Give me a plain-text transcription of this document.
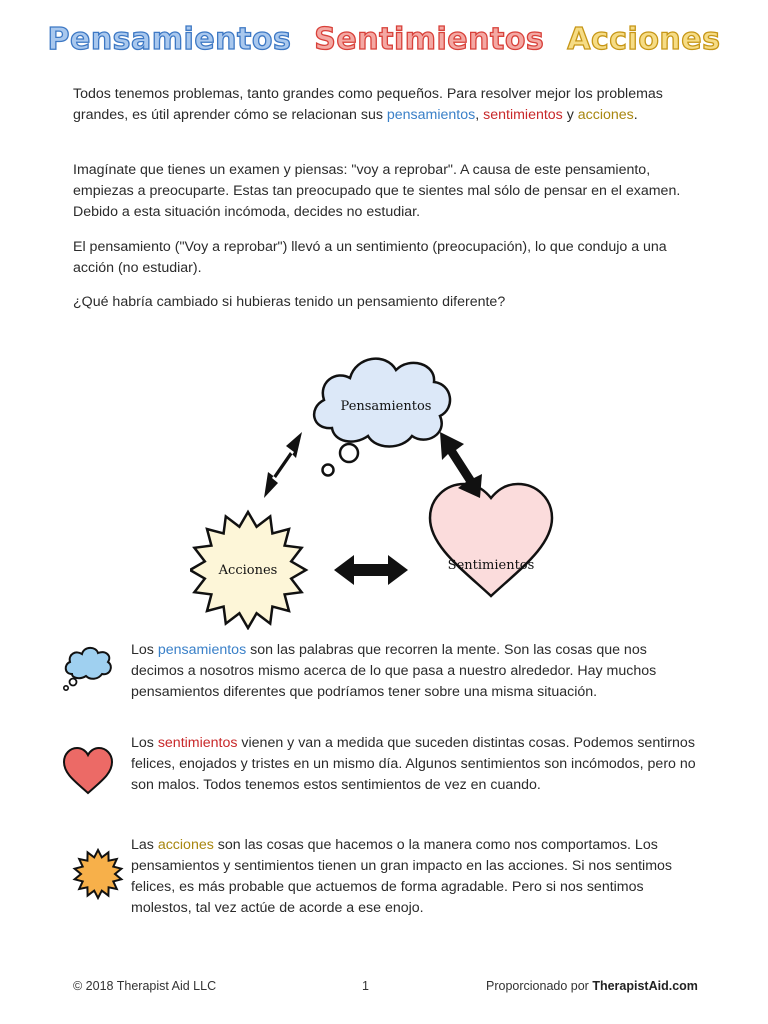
Pensamientos Sentimientos Acciones

Todos tenemos problemas, tanto grandes como pequeños. Para resolver mejor los problemas grandes, es útil aprender cómo se relacionan sus pensamientos, sentimientos y acciones.

Imagínate que tienes un examen y piensas: "voy a reprobar". A causa de este pensamiento, empiezas a preocuparte. Estas tan preocupado que te sientes mal sólo de pensar en el examen. Debido a esta situación incómoda, decides no estudiar.

El pensamiento ("Voy a reprobar") llevó a un sentimiento (preocupación), lo que condujo a una acción (no estudiar).

¿Qué habría cambiado si hubieras tenido un pensamiento diferente?

Pensamientos
Sentimientos
Acciones

Los pensamientos son las palabras que recorren la mente. Son las cosas que nos decimos a nosotros mismo acerca de lo que pasa a nuestro alrededor. Hay muchos pensamientos diferentes que podríamos tener sobre una misma situación.

Los sentimientos vienen y van a medida que suceden distintas cosas. Podemos sentirnos felices, enojados y tristes en un mismo día. Algunos sentimientos son incómodos, pero no son malos. Todos tenemos estos sentimientos de vez en cuando.

Las acciones son las cosas que hacemos o la manera como nos comportamos. Los pensamientos y sentimientos tienen un gran impacto en las acciones. Si nos sentimos felices, es más probable que actuemos de forma agradable. Pero si nos sentimos molestos, tal vez actúe de acorde a ese enojo.

© 2018 Therapist Aid LLC	1	Proporcionado por TherapistAid.com
